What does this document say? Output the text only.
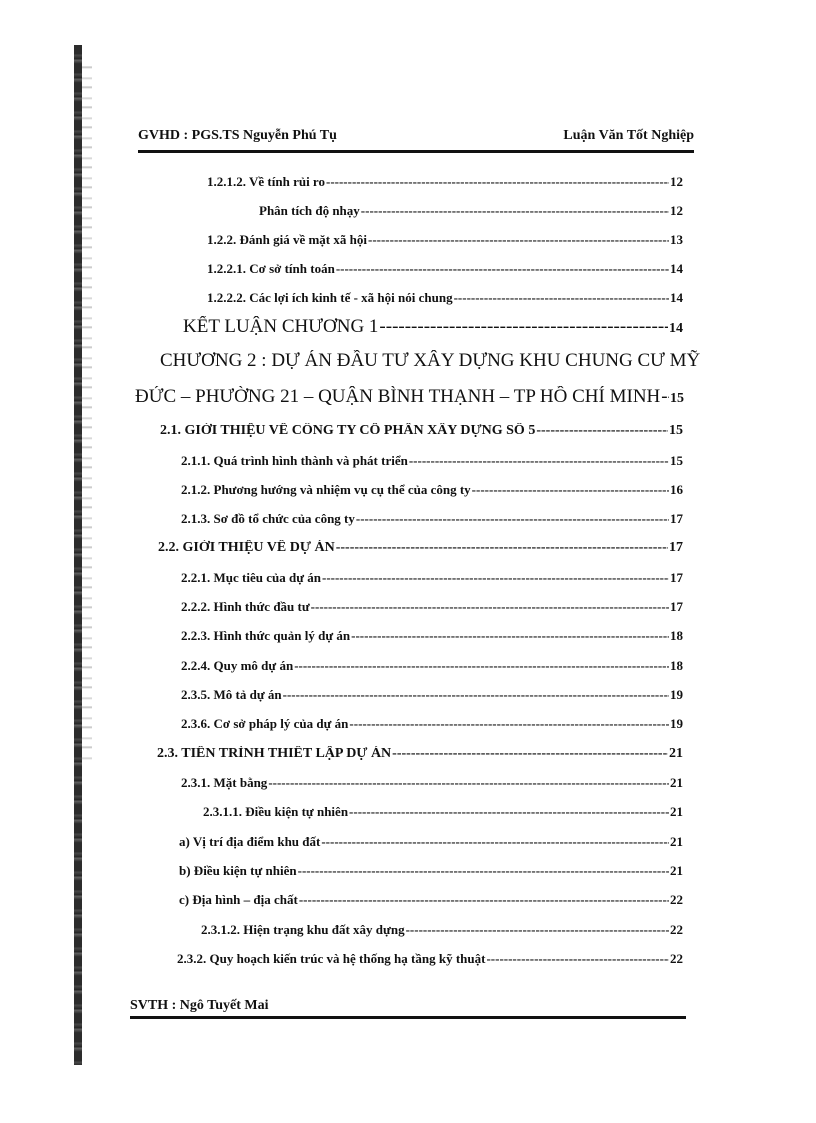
GVHD : PGS.TS Nguyễn Phú Tụ	Luận Văn Tốt Nghiệp
1.2.1.2. Về tính rủi ro -----	12
Phân tích độ nhạy -----	12
1.2.2. Đánh giá về mặt xã hội -----	13
1.2.2.1. Cơ sở tính toán -----	14
1.2.2.2. Các lợi ích kinh tế - xã hội nói chung -----	14
KẾT LUẬN CHƯƠNG 1 -----	14
CHƯƠNG 2 : DỰ ÁN ĐẦU TƯ XÂY DỰNG KHU CHUNG CƯ MỸ
ĐỨC – PHƯỜNG 21 – QUẬN BÌNH THẠNH – TP HỒ CHÍ MINH ----- 15
2.1. GIỚI THIỆU VỀ CÔNG TY CỔ PHẦN XÂY DỰNG SỐ 5 -----	15
2.1.1. Quá trình hình thành và phát triển -----	15
2.1.2. Phương hướng và nhiệm vụ cụ thể của công ty -----	16
2.1.3. Sơ đồ tổ chức của công ty -----	17
2.2. GIỚI THIỆU VỀ DỰ ÁN -----	17
2.2.1. Mục tiêu của dự án -----	17
2.2.2. Hình thức đầu tư -----	17
2.2.3. Hình thức quản lý dự án -----	18
2.2.4. Quy mô dự án -----	18
2.3.5. Mô tả dự án -----	19
2.3.6. Cơ sở pháp lý của dự án -----	19
2.3. TIẾN TRÌNH THIẾT LẬP DỰ ÁN -----	21
2.3.1. Mặt bằng -----	21
2.3.1.1. Điều kiện tự nhiên -----	21
a) Vị trí địa điểm khu đất -----	21
b) Điều kiện tự nhiên -----	21
c) Địa hình – địa chất -----	22
2.3.1.2. Hiện trạng khu đất xây dựng -----	22
2.3.2. Quy hoạch kiến trúc và hệ thống hạ tầng kỹ thuật -----	22
SVTH : Ngô Tuyết Mai
